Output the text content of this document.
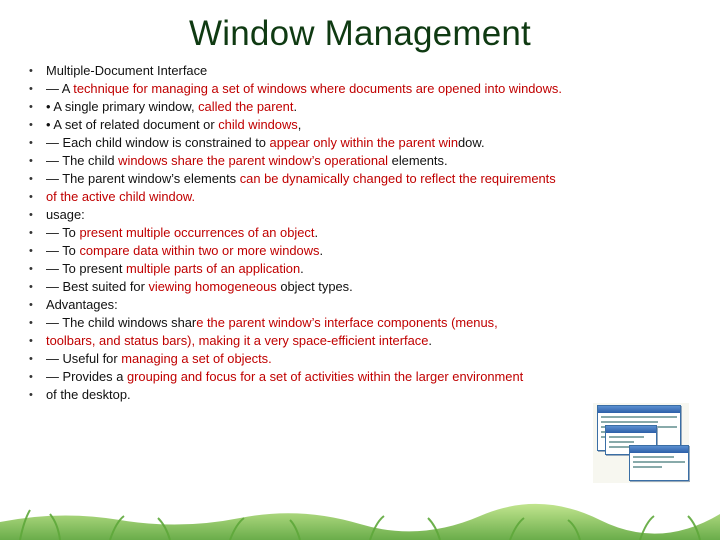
Window Management
•	Multiple-Document Interface
•	— A technique for managing a set of windows where documents are opened into windows.
•	• A single primary window, called the parent.
•	• A set of related document or child windows,
•	— Each child window is constrained to appear only within the parent window.
•	— The child windows share the parent window’s operational elements.
•	— The parent window’s elements can be dynamically changed to reflect the requirements
•	of the active child window.
•	usage:
•	— To present multiple occurrences of an object.
•	— To compare data within two or more windows.
•	— To present multiple parts of an application.
•	— Best suited for viewing homogeneous object types.
•	Advantages:
•	— The child windows share the parent window’s interface components (menus,
•	toolbars, and status bars), making it a very space-efficient interface.
•	— Useful for managing a set of objects.
•	— Provides a grouping and focus for a set of activities within the larger environment
•	of the desktop.
